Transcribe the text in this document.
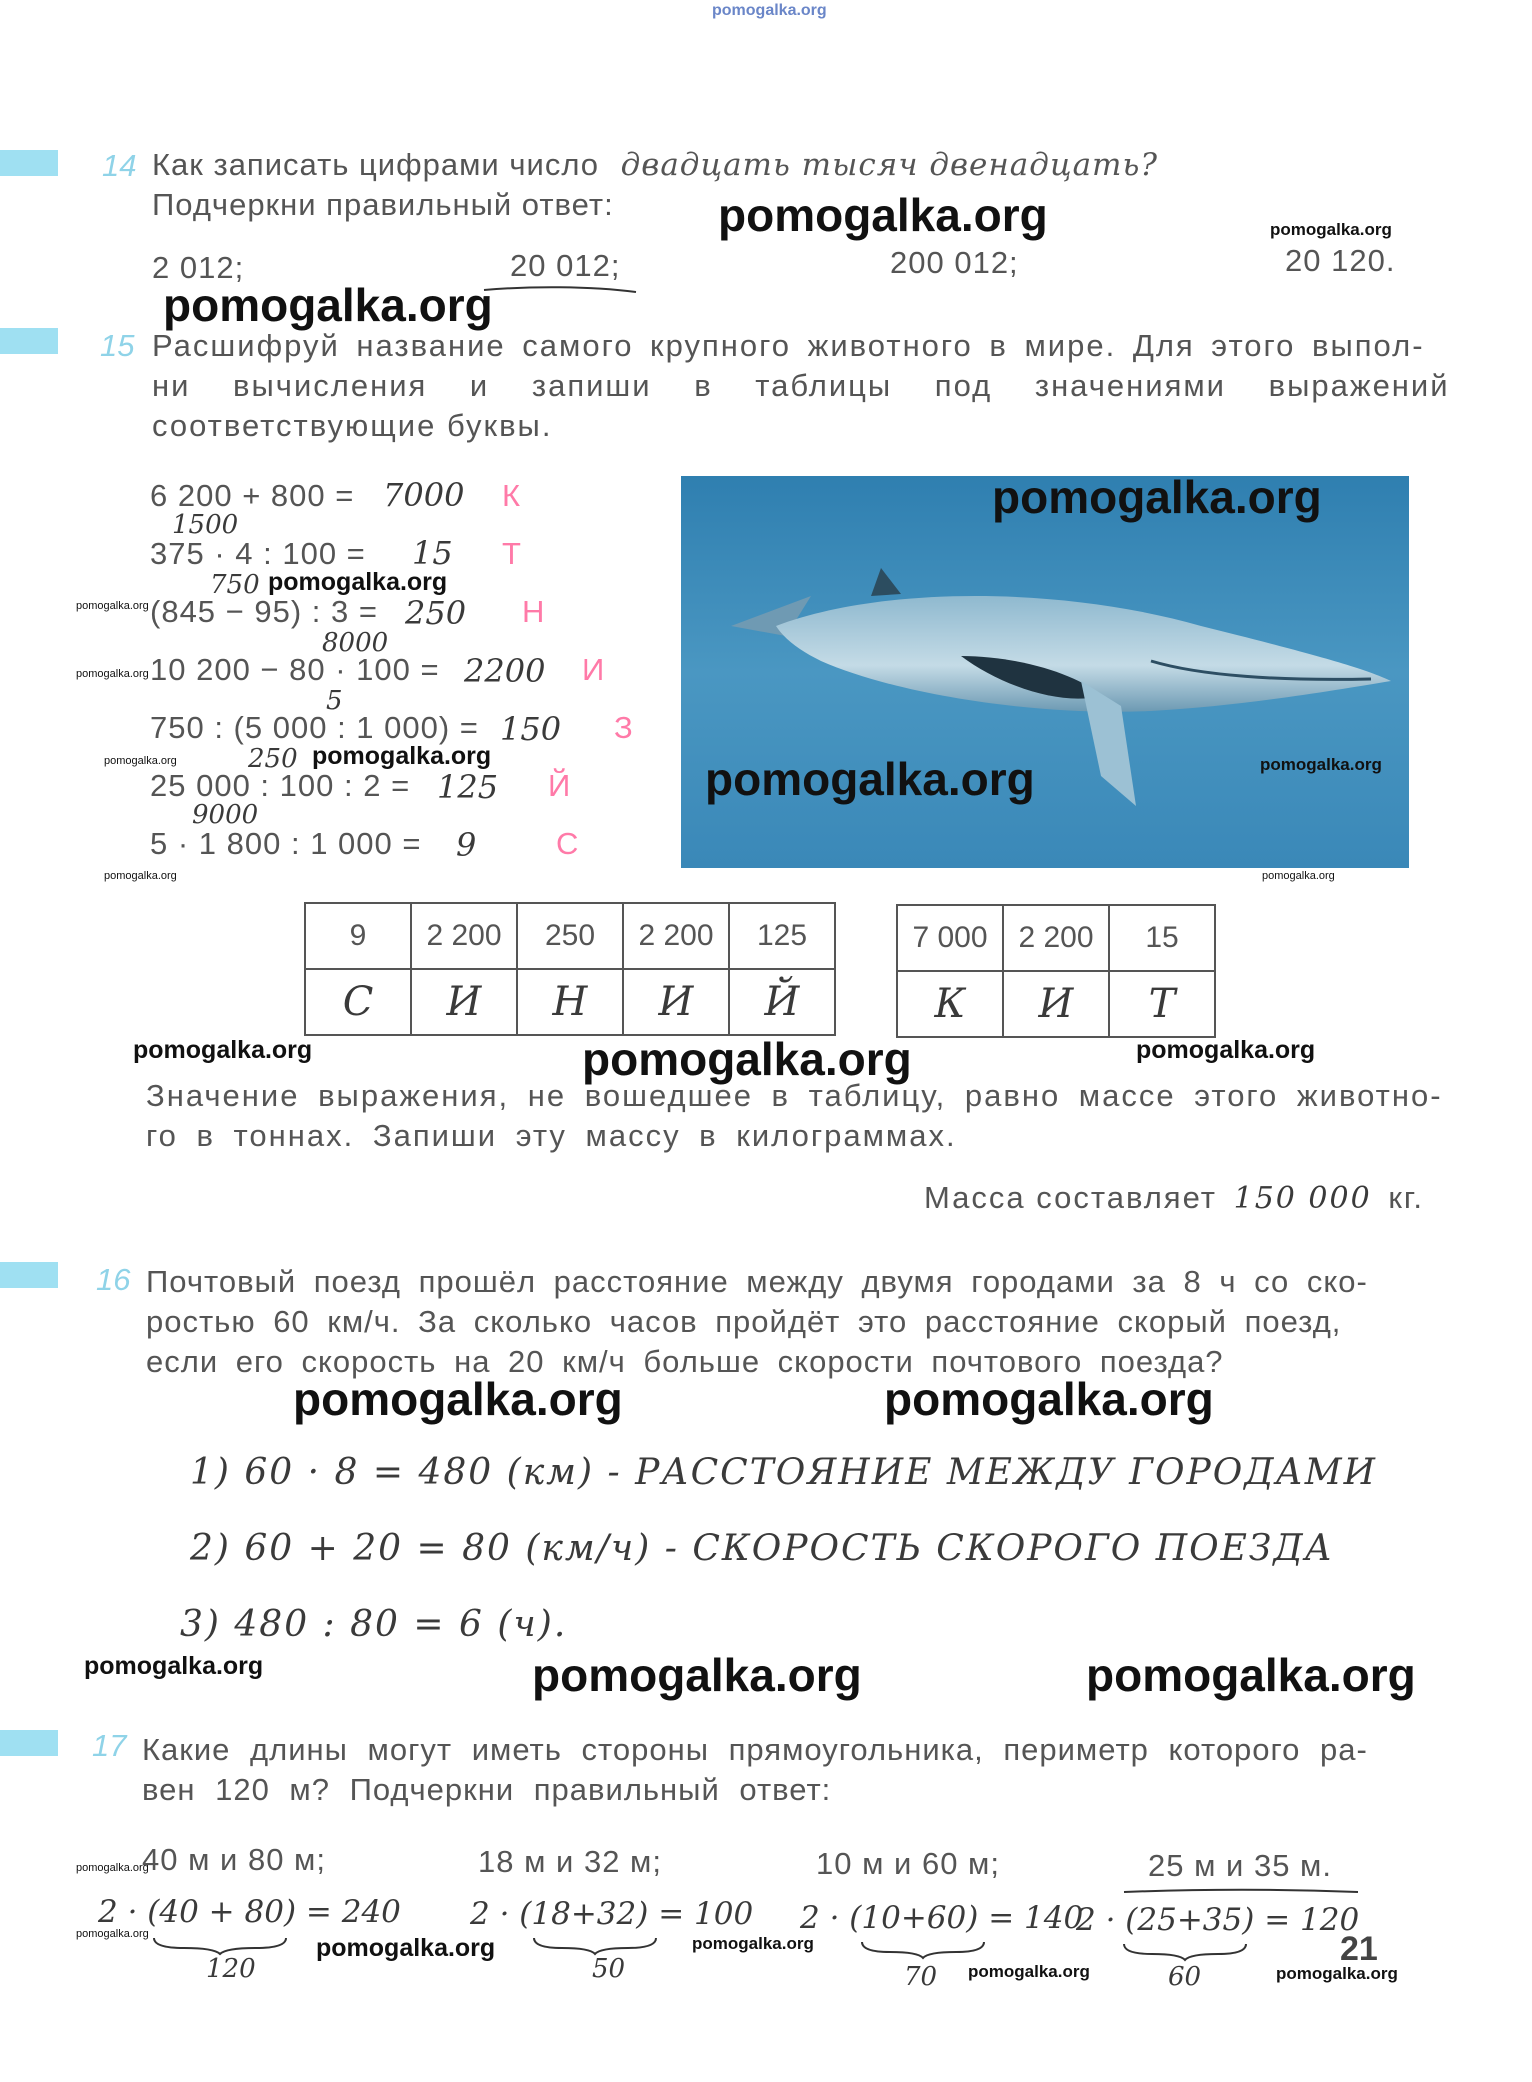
pomogalka.org
14 Как записать цифрами число двадцать тысяч двенадцать?
Подчеркни правильный ответ:
2 012;	20 012;	200 012;	20 120.
pomogalka.org	pomogalka.org
pomogalka.org
15 Расшифруй название самого крупного животного в мире. Для этого выпол-
ни вычисления и запиши в таблицы под значениями выражений
соответствующие буквы.
6 200 + 800 = 7000 К
1500
375 · 4 : 100 = 15 Т
750
(845 − 95) : 3 = 250 Н
8000
10 200 − 80 · 100 = 2200 И
5
750 : (5 000 : 1 000) = 150 З
250
25 000 : 100 : 2 = 125 Й
9000
5 · 1 800 : 1 000 = 9	С
pomogalka.org
pomogalka.org
pomogalka.org
pomogalka.org
pomogalka.org	pomogalka.org	pomogalka.org	pomogalka.org
pomogalka.org	pomogalka.org
9	2 200	250	2 200	125
С	И	Н	И	Й
7 000	2 200	15
К	И	Т
pomogalka.org	pomogalka.org	pomogalka.org
Значение выражения, не вошедшее в таблицу, равно массе этого животно-
го в тоннах. Запиши эту массу в килограммах.
Масса составляет 150 000 кг.
16 Почтовый поезд прошёл расстояние между двумя городами за 8 ч со ско-
ростью 60 км/ч. За сколько часов пройдёт это расстояние скорый поезд,
если его скорость на 20 км/ч больше скорости почтового поезда?
pomogalka.org	pomogalka.org
1) 60 · 8 = 480 (км) - РАССТОЯНИЕ МЕЖДУ ГОРОДАМИ
2) 60 + 20 = 80 (км/ч) - СКОРОСТЬ СКОРОГО ПОЕЗДА
3) 480 : 80 = 6 (ч).
pomogalka.org	pomogalka.org	pomogalka.org
17 Какие длины могут иметь стороны прямоугольника, периметр которого ра-
вен 120 м? Подчеркни правильный ответ:
40 м и 80 м;	18 м и 32 м;	10 м и 60 м;	25 м и 35 м.
2 · (40 + 80) = 240 2 · (18+32) = 100 2 · (10+60) = 140
2 · (25+35) = 120
120	50	70	60
21
pomogalka.org
pomogalka.org	pomogalka.org	pomogalka.org
pomogalka.org	pomogalka.org
